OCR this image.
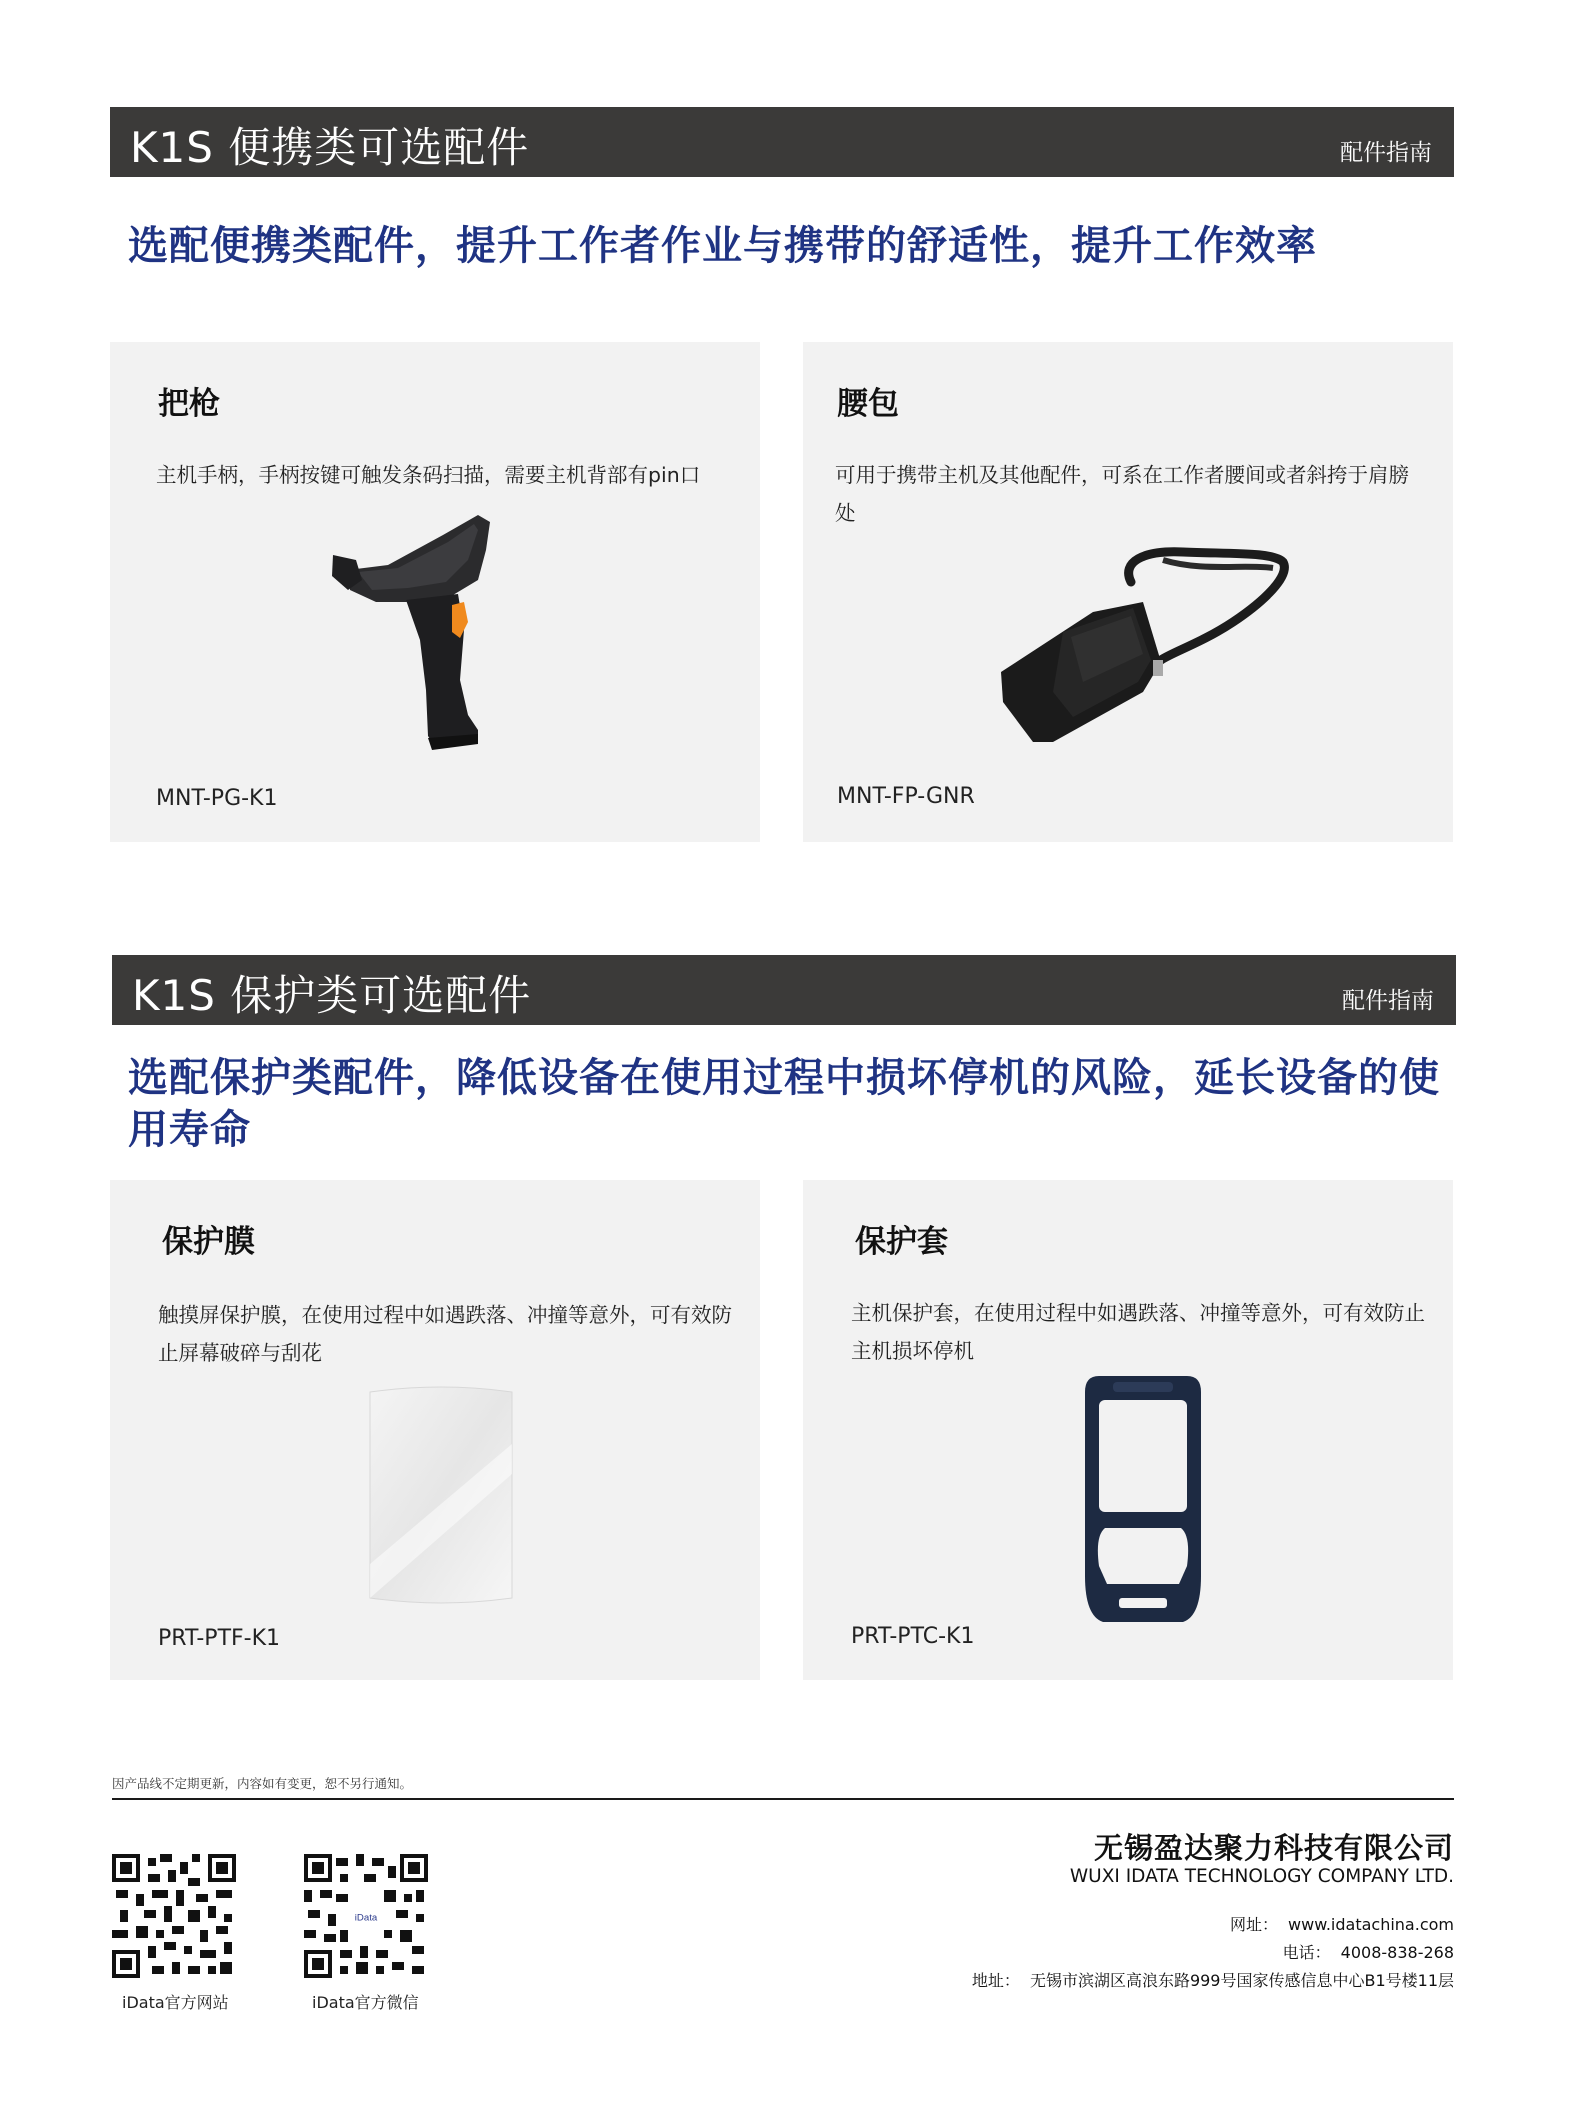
K1S 便携类可选配件	配件指南
选配便携类配件，提升工作者作业与携带的舒适性，提升工作效率
把枪
主机手柄，手柄按键可触发条码扫描，需要主机背部有pin口
MNT-PG-K1
腰包
可用于携带主机及其他配件，可系在工作者腰间或者斜挎于肩膀处
MNT-FP-GNR
K1S 保护类可选配件	配件指南
选配保护类配件，降低设备在使用过程中损坏停机的风险，延长设备的使用寿命
保护膜
触摸屏保护膜，在使用过程中如遇跌落、冲撞等意外，可有效防止屏幕破碎与刮花
PRT-PTF-K1
保护套
主机保护套，在使用过程中如遇跌落、冲撞等意外，可有效防止主机损坏停机
PRT-PTC-K1
因产品线不定期更新，内容如有变更，恕不另行通知。
iData官方网站
iData
iData官方微信
无锡盈达聚力科技有限公司
WUXI IDATA TECHNOLOGY COMPANY LTD.
网址： www.idatachina.com
电话： 4008-838-268
地址： 无锡市滨湖区高浪东路999号国家传感信息中心B1号楼11层
